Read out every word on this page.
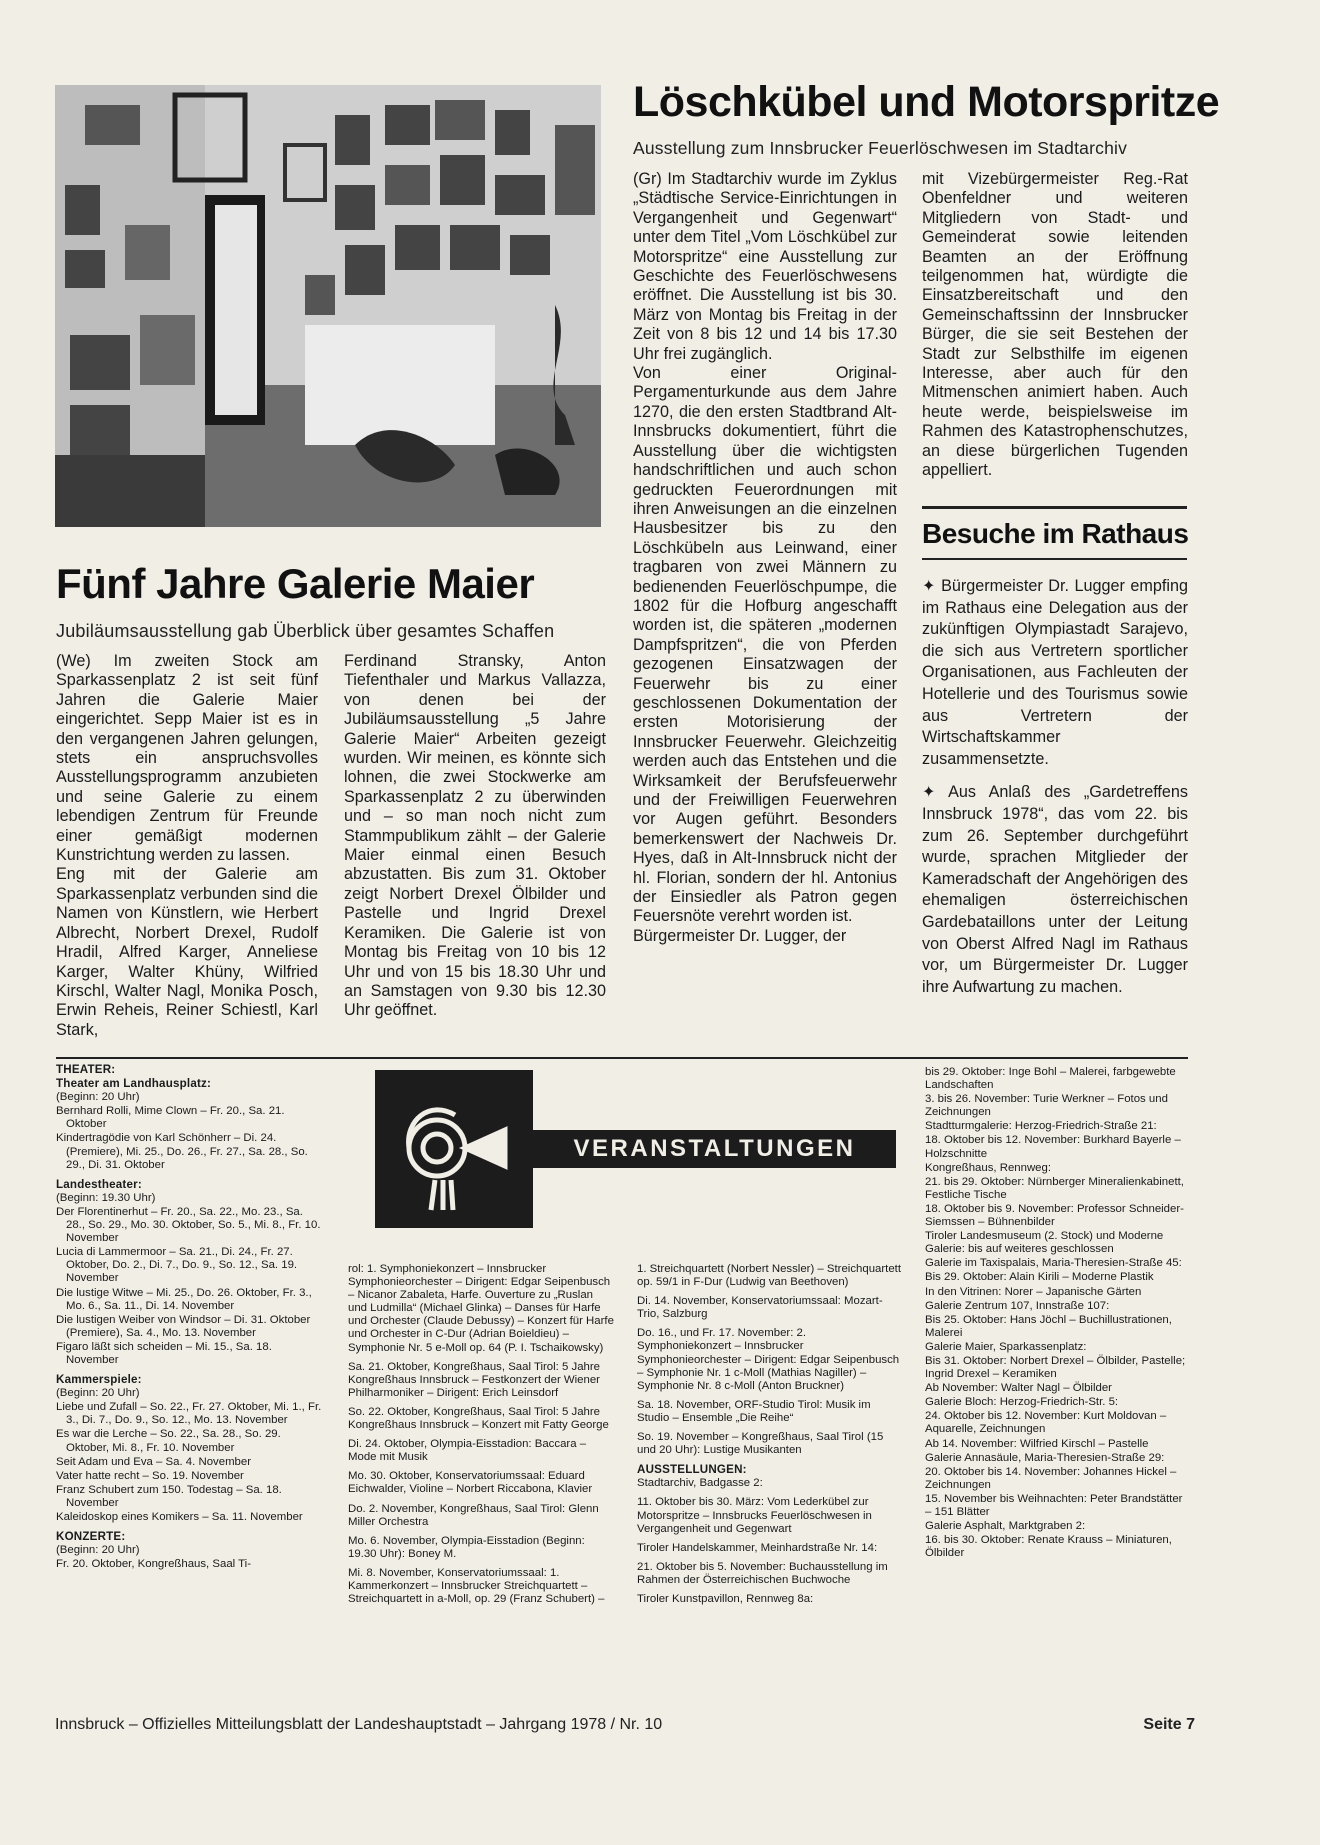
Fünf Jahre Galerie Maier

Jubiläumsausstellung gab Überblick über gesamtes Schaffen

(We) Im zweiten Stock am Sparkassenplatz 2 ist seit fünf Jahren die Galerie Maier eingerichtet. Sepp Maier ist es in den vergangenen Jahren gelungen, stets ein anspruchsvolles Ausstellungsprogramm anzubieten und seine Galerie zu einem lebendigen Zentrum für Freunde einer gemäßigt modernen Kunstrichtung werden zu lassen.

Eng mit der Galerie am Sparkassenplatz verbunden sind die Namen von Künstlern, wie Herbert Albrecht, Norbert Drexel, Rudolf Hradil, Alfred Karger, Anneliese Karger, Walter Khüny, Wilfried Kirschl, Walter Nagl, Monika Posch, Erwin Reheis, Reiner Schiestl, Karl Stark,

Ferdinand Stransky, Anton Tiefenthaler und Markus Vallazza, von denen bei der Jubiläumsausstellung „5 Jahre Galerie Maier“ Arbeiten gezeigt wurden. Wir meinen, es könnte sich lohnen, die zwei Stockwerke am Sparkassenplatz 2 zu überwinden und – so man noch nicht zum Stammpublikum zählt – der Galerie Maier einmal einen Besuch abzustatten. Bis zum 31. Oktober zeigt Norbert Drexel Ölbilder und Pastelle und Ingrid Drexel Keramiken. Die Galerie ist von Montag bis Freitag von 10 bis 12 Uhr und von 15 bis 18.30 Uhr und an Samstagen von 9.30 bis 12.30 Uhr geöffnet.

Löschkübel und Motorspritze

Ausstellung zum Innsbrucker Feuerlöschwesen im Stadtarchiv

(Gr) Im Stadtarchiv wurde im Zyklus „Städtische Service-Einrichtungen in Vergangenheit und Gegenwart“ unter dem Titel „Vom Löschkübel zur Motorspritze“ eine Ausstellung zur Geschichte des Feuerlöschwesens eröffnet. Die Ausstellung ist bis 30. März von Montag bis Freitag in der Zeit von 8 bis 12 und 14 bis 17.30 Uhr frei zugänglich.

Von einer Original-Pergamenturkunde aus dem Jahre 1270, die den ersten Stadtbrand Alt-Innsbrucks dokumentiert, führt die Ausstellung über die wichtigsten handschriftlichen und auch schon gedruckten Feuerordnungen mit ihren Anweisungen an die einzelnen Hausbesitzer bis zu den Löschkübeln aus Leinwand, einer tragbaren von zwei Männern zu bedienenden Feuerlöschpumpe, die 1802 für die Hofburg angeschafft worden ist, die späteren „modernen Dampfspritzen“, die von Pferden gezogenen Einsatzwagen der Feuerwehr bis zu einer geschlossenen Dokumentation der ersten Motorisierung der Innsbrucker Feuerwehr. Gleichzeitig werden auch das Entstehen und die Wirksamkeit der Berufsfeuerwehr und der Freiwilligen Feuerwehren vor Augen geführt. Besonders bemerkenswert der Nachweis Dr. Hyes, daß in Alt-Innsbruck nicht der hl. Florian, sondern der hl. Antonius der Einsiedler als Patron gegen Feuersnöte verehrt worden ist.

Bürgermeister Dr. Lugger, der

mit Vizebürgermeister Reg.-Rat Obenfeldner und weiteren Mitgliedern von Stadt- und Gemeinderat sowie leitenden Beamten an der Eröffnung teilgenommen hat, würdigte die Einsatzbereitschaft und den Gemeinschaftssinn der Innsbrucker Bürger, die sie seit Bestehen der Stadt zur Selbsthilfe im eigenen Interesse, aber auch für den Mitmenschen animiert haben. Auch heute werde, beispielsweise im Rahmen des Katastrophenschutzes, an diese bürgerlichen Tugenden appelliert.

Besuche im Rathaus

✦ Bürgermeister Dr. Lugger empfing im Rathaus eine Delegation aus der zukünftigen Olympiastadt Sarajevo, die sich aus Vertretern sportlicher Organisationen, aus Fachleuten der Hotellerie und des Tourismus sowie aus Vertretern der Wirtschaftskammer zusammensetzte.

✦ Aus Anlaß des „Gardetreffens Innsbruck 1978“, das vom 22. bis zum 26. September durchgeführt wurde, sprachen Mitglieder der Kameradschaft der Angehörigen des ehemaligen österreichischen Gardebataillons unter der Leitung von Oberst Alfred Nagl im Rathaus vor, um Bürgermeister Dr. Lugger ihre Aufwartung zu machen.

VERANSTALTUNGEN

THEATER:

Theater am Landhausplatz:

(Beginn: 20 Uhr)

Bernhard Rolli, Mime Clown – Fr. 20., Sa. 21. Oktober

Kindertragödie von Karl Schönherr – Di. 24. (Premiere), Mi. 25., Do. 26., Fr. 27., Sa. 28., So. 29., Di. 31. Oktober

Landestheater:

(Beginn: 19.30 Uhr)

Der Florentinerhut – Fr. 20., Sa. 22., Mo. 23., Sa. 28., So. 29., Mo. 30. Oktober, So. 5., Mi. 8., Fr. 10. November

Lucia di Lammermoor – Sa. 21., Di. 24., Fr. 27. Oktober, Do. 2., Di. 7., Do. 9., So. 12., Sa. 19. November

Die lustige Witwe – Mi. 25., Do. 26. Oktober, Fr. 3., Mo. 6., Sa. 11., Di. 14. November

Die lustigen Weiber von Windsor – Di. 31. Oktober (Premiere), Sa. 4., Mo. 13. November

Figaro läßt sich scheiden – Mi. 15., Sa. 18. November

Kammerspiele:

(Beginn: 20 Uhr)

Liebe und Zufall – So. 22., Fr. 27. Oktober, Mi. 1., Fr. 3., Di. 7., Do. 9., So. 12., Mo. 13. November

Es war die Lerche – So. 22., Sa. 28., So. 29. Oktober, Mi. 8., Fr. 10. November

Seit Adam und Eva – Sa. 4. November

Vater hatte recht – So. 19. November

Franz Schubert zum 150. Todestag – Sa. 18. November

Kaleidoskop eines Komikers – Sa. 11. November

KONZERTE:

(Beginn: 20 Uhr)

Fr. 20. Oktober, Kongreßhaus, Saal Ti-

rol: 1. Symphoniekonzert – Innsbrucker Symphonieorchester – Dirigent: Edgar Seipenbusch – Nicanor Zabaleta, Harfe. Ouverture zu „Ruslan und Ludmilla“ (Michael Glinka) – Danses für Harfe und Orchester (Claude Debussy) – Konzert für Harfe und Orchester in C-Dur (Adrian Boieldieu) – Symphonie Nr. 5 e-Moll op. 64 (P. I. Tschaikowsky)

Sa. 21. Oktober, Kongreßhaus, Saal Tirol: 5 Jahre Kongreßhaus Innsbruck – Festkonzert der Wiener Philharmoniker – Dirigent: Erich Leinsdorf

So. 22. Oktober, Kongreßhaus, Saal Tirol: 5 Jahre Kongreßhaus Innsbruck – Konzert mit Fatty George

Di. 24. Oktober, Olympia-Eisstadion: Baccara – Mode mit Musik

Mo. 30. Oktober, Konservatoriumssaal: Eduard Eichwalder, Violine – Norbert Riccabona, Klavier

Do. 2. November, Kongreßhaus, Saal Tirol: Glenn Miller Orchestra

Mo. 6. November, Olympia-Eisstadion (Beginn: 19.30 Uhr): Boney M.

Mi. 8. November, Konservatoriumssaal: 1. Kammerkonzert – Innsbrucker Streichquartett – Streichquartett in a-Moll, op. 29 (Franz Schubert) –

1. Streichquartett (Norbert Nessler) – Streichquartett op. 59/1 in F-Dur (Ludwig van Beethoven)

Di. 14. November, Konservatoriumssaal: Mozart-Trio, Salzburg

Do. 16., und Fr. 17. November: 2. Symphoniekonzert – Innsbrucker Symphonieorchester – Dirigent: Edgar Seipenbusch – Symphonie Nr. 1 c-Moll (Mathias Nagiller) – Symphonie Nr. 8 c-Moll (Anton Bruckner)

Sa. 18. November, ORF-Studio Tirol: Musik im Studio – Ensemble „Die Reihe“

So. 19. November – Kongreßhaus, Saal Tirol (15 und 20 Uhr): Lustige Musikanten

AUSSTELLUNGEN:

Stadtarchiv, Badgasse 2:

11. Oktober bis 30. März: Vom Lederkübel zur Motorspritze – Innsbrucks Feuerlöschwesen in Vergangenheit und Gegenwart

Tiroler Handelskammer, Meinhardstraße Nr. 14:

21. Oktober bis 5. November: Buchausstellung im Rahmen der Österreichischen Buchwoche

Tiroler Kunstpavillon, Rennweg 8a:

bis 29. Oktober: Inge Bohl – Malerei, farbgewebte Landschaften

3. bis 26. November: Turie Werkner – Fotos und Zeichnungen

Stadtturmgalerie: Herzog-Friedrich-Straße 21:

18. Oktober bis 12. November: Burkhard Bayerle – Holzschnitte

Kongreßhaus, Rennweg:

21. bis 29. Oktober: Nürnberger Mineralienkabinett, Festliche Tische

18. Oktober bis 9. November: Professor Schneider-Siemssen – Bühnenbilder

Tiroler Landesmuseum (2. Stock) und Moderne Galerie: bis auf weiteres geschlossen

Galerie im Taxispalais, Maria-Theresien-Straße 45:

Bis 29. Oktober: Alain Kirili – Moderne Plastik

In den Vitrinen: Norer – Japanische Gärten

Galerie Zentrum 107, Innstraße 107:

Bis 25. Oktober: Hans Jöchl – Buchillustrationen, Malerei

Galerie Maier, Sparkassenplatz:

Bis 31. Oktober: Norbert Drexel – Ölbilder, Pastelle; Ingrid Drexel – Keramiken

Ab November: Walter Nagl – Ölbilder

Galerie Bloch: Herzog-Friedrich-Str. 5:

24. Oktober bis 12. November: Kurt Moldovan – Aquarelle, Zeichnungen

Ab 14. November: Wilfried Kirschl – Pastelle

Galerie Annasäule, Maria-Theresien-Straße 29:

20. Oktober bis 14. November: Johannes Hickel – Zeichnungen

15. November bis Weihnachten: Peter Brandstätter – 151 Blätter

Galerie Asphalt, Marktgraben 2:

16. bis 30. Oktober: Renate Krauss – Miniaturen, Ölbilder

Innsbruck – Offizielles Mitteilungsblatt der Landeshauptstadt – Jahrgang 1978 / Nr. 10	Seite 7
